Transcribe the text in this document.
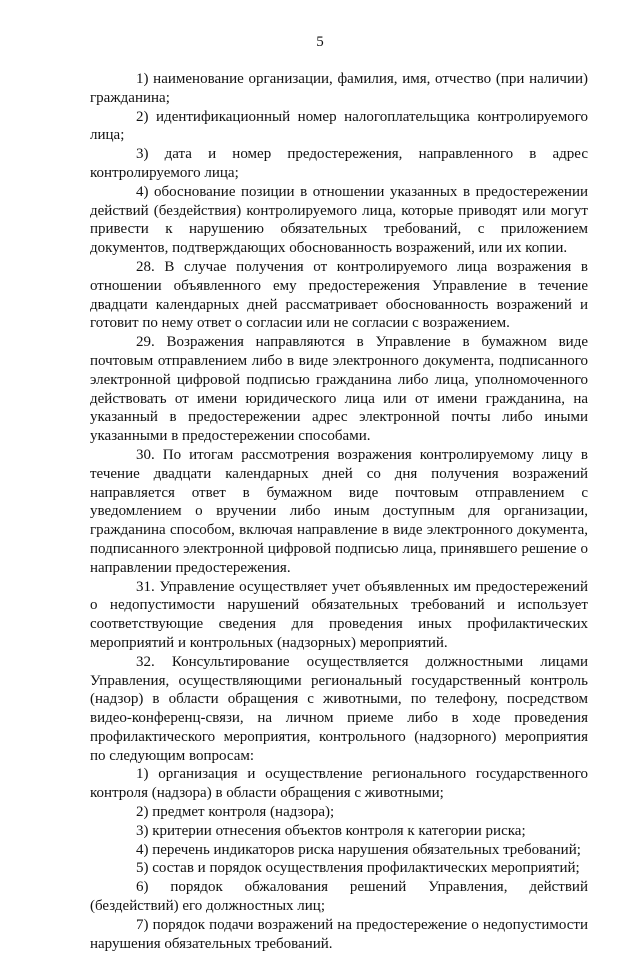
5

1) наименование организации, фамилия, имя, отчество (при наличии) гражданина;

2) идентификационный номер налогоплательщика контролируемого лица;

3) дата и номер предостережения, направленного в адрес контролируемого лица;

4) обоснование позиции в отношении указанных в предостережении действий (бездействия) контролируемого лица, которые приводят или могут привести к нарушению обязательных требований, с приложением документов, подтверждающих обоснованность возражений, или их копии.

28. В случае получения от контролируемого лица возражения в отношении объявленного ему предостережения Управление в течение двадцати календарных дней рассматривает обоснованность возражений и готовит по нему ответ о согласии или не согласии с возражением.

29. Возражения направляются в Управление в бумажном виде почтовым отправлением либо в виде электронного документа, подписанного электронной цифровой подписью гражданина либо лица, уполномоченного действовать от имени юридического лица или от имени гражданина, на указанный в предостережении адрес электронной почты либо иными указанными в предостережении способами.

30. По итогам рассмотрения возражения контролируемому лицу в течение двадцати календарных дней со дня получения возражений направляется ответ в бумажном виде почтовым отправлением с уведомлением о вручении либо иным доступным для организации, гражданина способом, включая направление в виде электронного документа, подписанного электронной цифровой подписью лица, принявшего решение о направлении предостережения.

31. Управление осуществляет учет объявленных им предостережений о недопустимости нарушений обязательных требований и использует соответствующие сведения для проведения иных профилактических мероприятий и контрольных (надзорных) мероприятий.

32. Консультирование осуществляется должностными лицами Управления, осуществляющими региональный государственный контроль (надзор) в области обращения с животными, по телефону, посредством видео-конференц-связи, на личном приеме либо в ходе проведения профилактического мероприятия, контрольного (надзорного) мероприятия по следующим вопросам:

1) организация и осуществление регионального государственного контроля (надзора) в области обращения с животными;

2) предмет контроля (надзора);

3) критерии отнесения объектов контроля к категории риска;

4) перечень индикаторов риска нарушения обязательных требований;

5) состав и порядок осуществления профилактических мероприятий;

6) порядок обжалования решений Управления, действий (бездействий) его должностных лиц;

7) порядок подачи возражений на предостережение о недопустимости нарушения обязательных требований.
